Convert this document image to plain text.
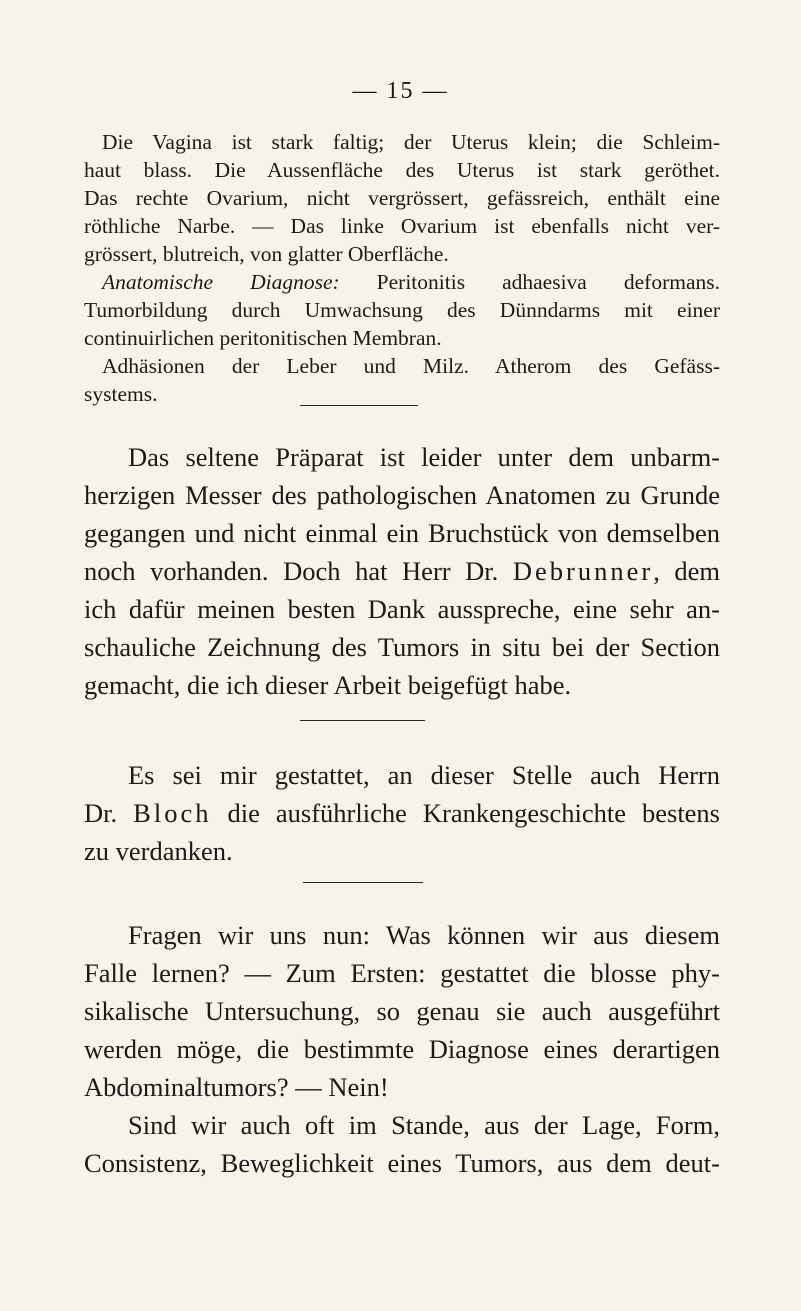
— 15 —
Die Vagina ist stark faltig; der Uterus klein; die Schleim-
haut blass. Die Aussenfläche des Uterus ist stark geröthet.
Das rechte Ovarium, nicht vergrössert, gefässreich, enthält eine
röthliche Narbe. — Das linke Ovarium ist ebenfalls nicht ver-
grössert, blutreich, von glatter Oberfläche.
Anatomische Diagnose: Peritonitis adhaesiva deformans.
Tumorbildung durch Umwachsung des Dünndarms mit einer
continuirlichen peritonitischen Membran.
Adhäsionen der Leber und Milz. Atherom des Gefäss-
systems.
Das seltene Präparat ist leider unter dem unbarm-
herzigen Messer des pathologischen Anatomen zu Grunde
gegangen und nicht einmal ein Bruchstück von demselben
noch vorhanden. Doch hat Herr Dr. Debrunner, dem
ich dafür meinen besten Dank ausspreche, eine sehr an-
schauliche Zeichnung des Tumors in situ bei der Section
gemacht, die ich dieser Arbeit beigefügt habe.
Es sei mir gestattet, an dieser Stelle auch Herrn
Dr. Bloch die ausführliche Krankengeschichte bestens
zu verdanken.
Fragen wir uns nun: Was können wir aus diesem
Falle lernen? — Zum Ersten: gestattet die blosse phy-
sikalische Untersuchung, so genau sie auch ausgeführt
werden möge, die bestimmte Diagnose eines derartigen
Abdominaltumors? — Nein!
Sind wir auch oft im Stande, aus der Lage, Form,
Consistenz, Beweglichkeit eines Tumors, aus dem deut-
